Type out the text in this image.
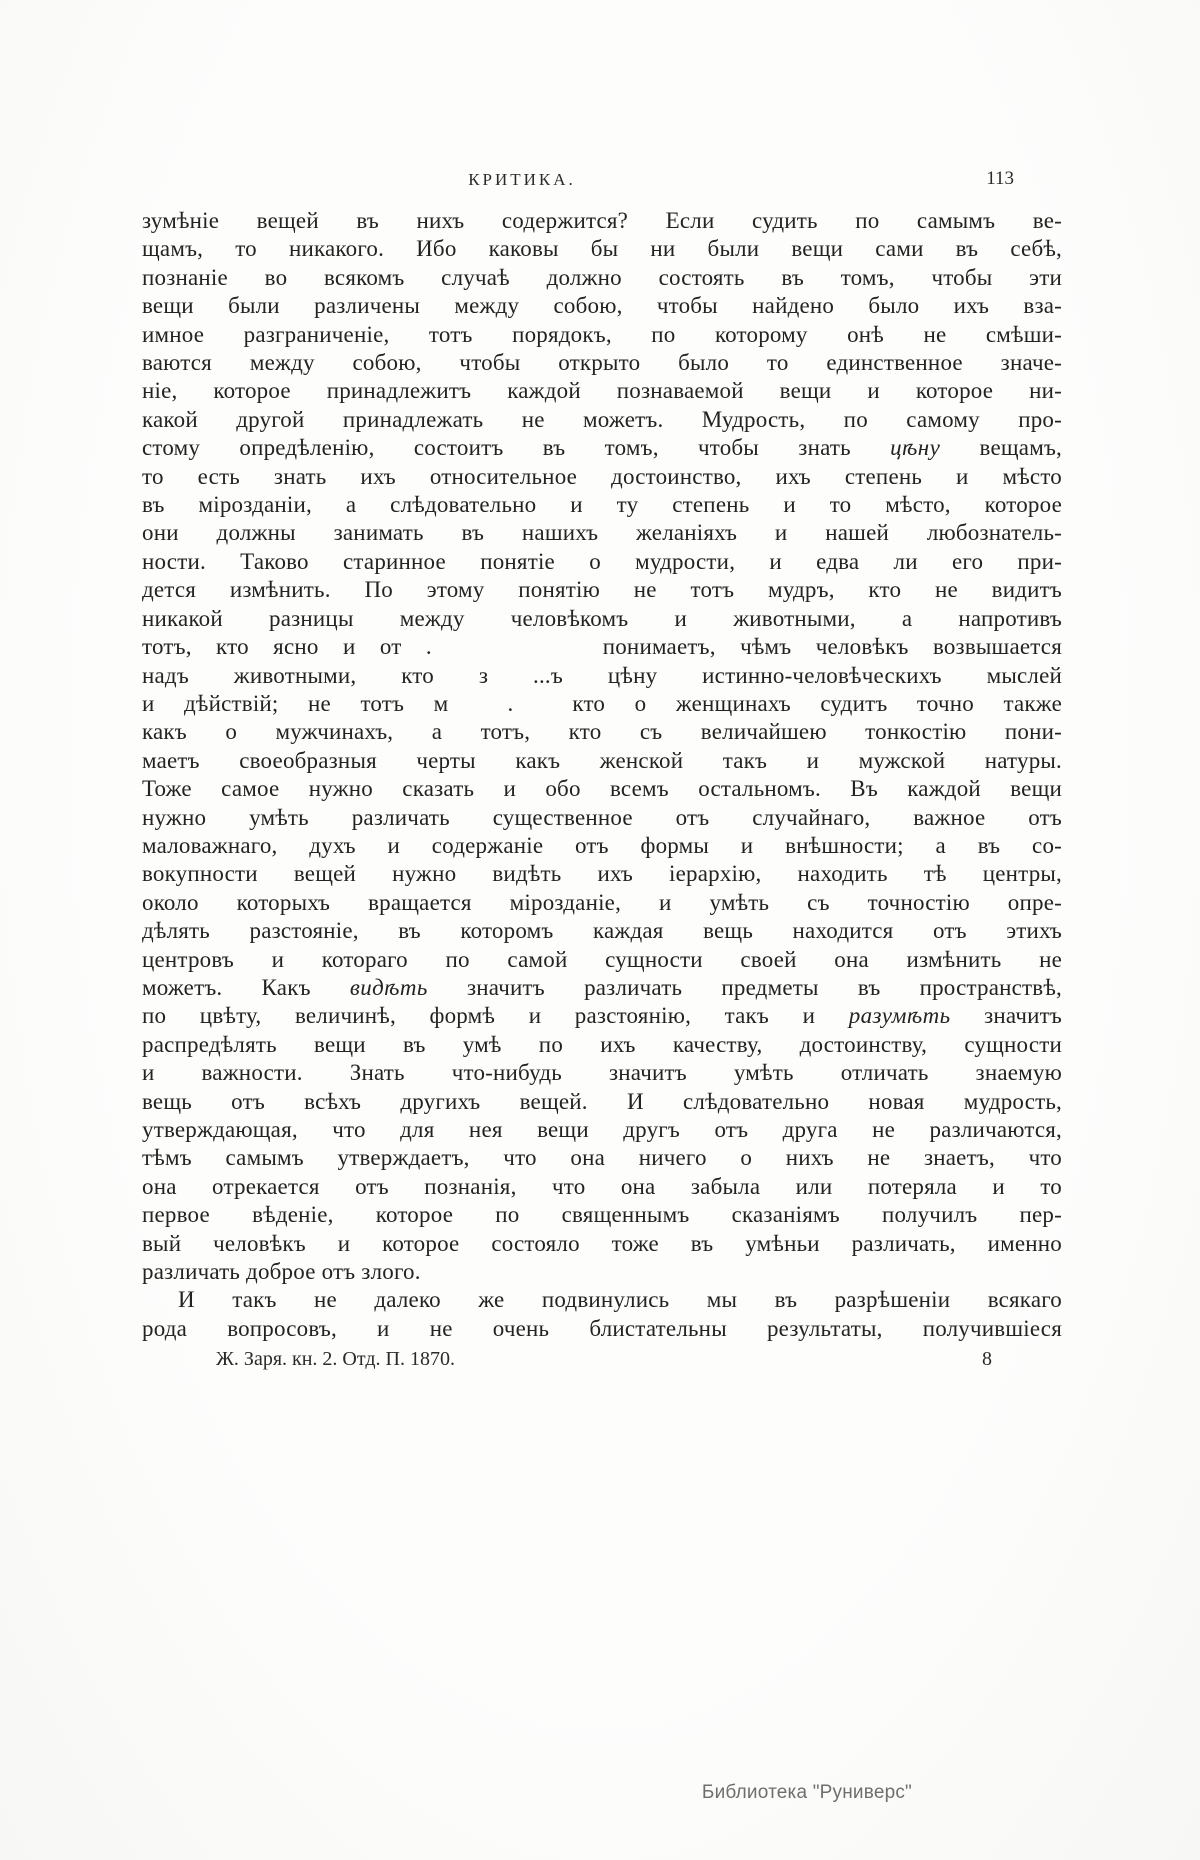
КРИТИКА.	113
зумѣніе вещей въ нихъ содержится? Если судить по самымъ ве-
щамъ, то никакого. Ибо каковы бы ни были вещи сами въ себѣ,
познаніе во всякомъ случаѣ должно состоять въ томъ, чтобы эти
вещи были различены между собою, чтобы найдено было ихъ вза-
имное разграниченіе, тотъ порядокъ, по которому онѣ не смѣши-
ваются между собою, чтобы открыто было то единственное значе-
ніе, которое принадлежитъ каждой познаваемой вещи и которое ни-
какой другой принадлежать не можетъ. Мудрость, по самому про-
стому опредѣленію, состоитъ въ томъ, чтобы знать цѣну вещамъ,
то есть знать ихъ относительное достоинство, ихъ степень и мѣсто
въ мірозданіи, а слѣдовательно и ту степень и то мѣсто, которое
они должны занимать въ нашихъ желаніяхъ и нашей любознатель-
ности. Таково старинное понятіе о мудрости, и едва ли его при-
дется измѣнить. По этому понятію не тотъ мудръ, кто не видитъ
никакой разницы между человѣкомъ и животными, а напротивъ
тотъ, кто ясно и от .       понимаетъ, чѣмъ человѣкъ возвышается
надъ животными, кто з ...ъ цѣну истинно-человѣческихъ мыслей
и дѣйствій; не тотъ м  .  кто о женщинахъ судитъ точно также
какъ о мужчинахъ, а тотъ, кто съ величайшею тонкостію пони-
маетъ своеобразныя черты какъ женской такъ и мужской натуры.
Тоже самое нужно сказать и обо всемъ остальномъ. Въ каждой вещи
нужно умѣть различать существенное отъ случайнаго, важное отъ
маловажнаго, духъ и содержаніе отъ формы и внѣшности; а въ со-
вокупности вещей нужно видѣть ихъ іерархію, находить тѣ центры,
около которыхъ вращается мірозданіе, и умѣть съ точностію опре-
дѣлять разстояніе, въ которомъ каждая вещь находится отъ этихъ
центровъ и котораго по самой сущности своей она измѣнить не
можетъ. Какъ видѣть значитъ различать предметы въ пространствѣ,
по цвѣту, величинѣ, формѣ и разстоянію, такъ и разумѣть значитъ
распредѣлять вещи въ умѣ по ихъ качеству, достоинству, сущности
и важности. Знать что-нибудь значитъ умѣть отличать знаемую
вещь отъ всѣхъ другихъ вещей. И слѣдовательно новая мудрость,
утверждающая, что для нея вещи другъ отъ друга не различаются,
тѣмъ самымъ утверждаетъ, что она ничего о нихъ не знаетъ, что
она отрекается отъ познанія, что она забыла или потеряла и то
первое вѣденіе, которое по священнымъ сказаніямъ получилъ пер-
вый человѣкъ и которое состояло тоже въ умѣньи различать, именно
различать доброе отъ злого.
И такъ не далеко же подвинулись мы въ разрѣшеніи всякаго
рода вопросовъ, и не очень блистательны результаты, получившіеся
Ж. Заря. кн. 2. Отд. П. 1870.	8
Библиотека "Руниверс"
